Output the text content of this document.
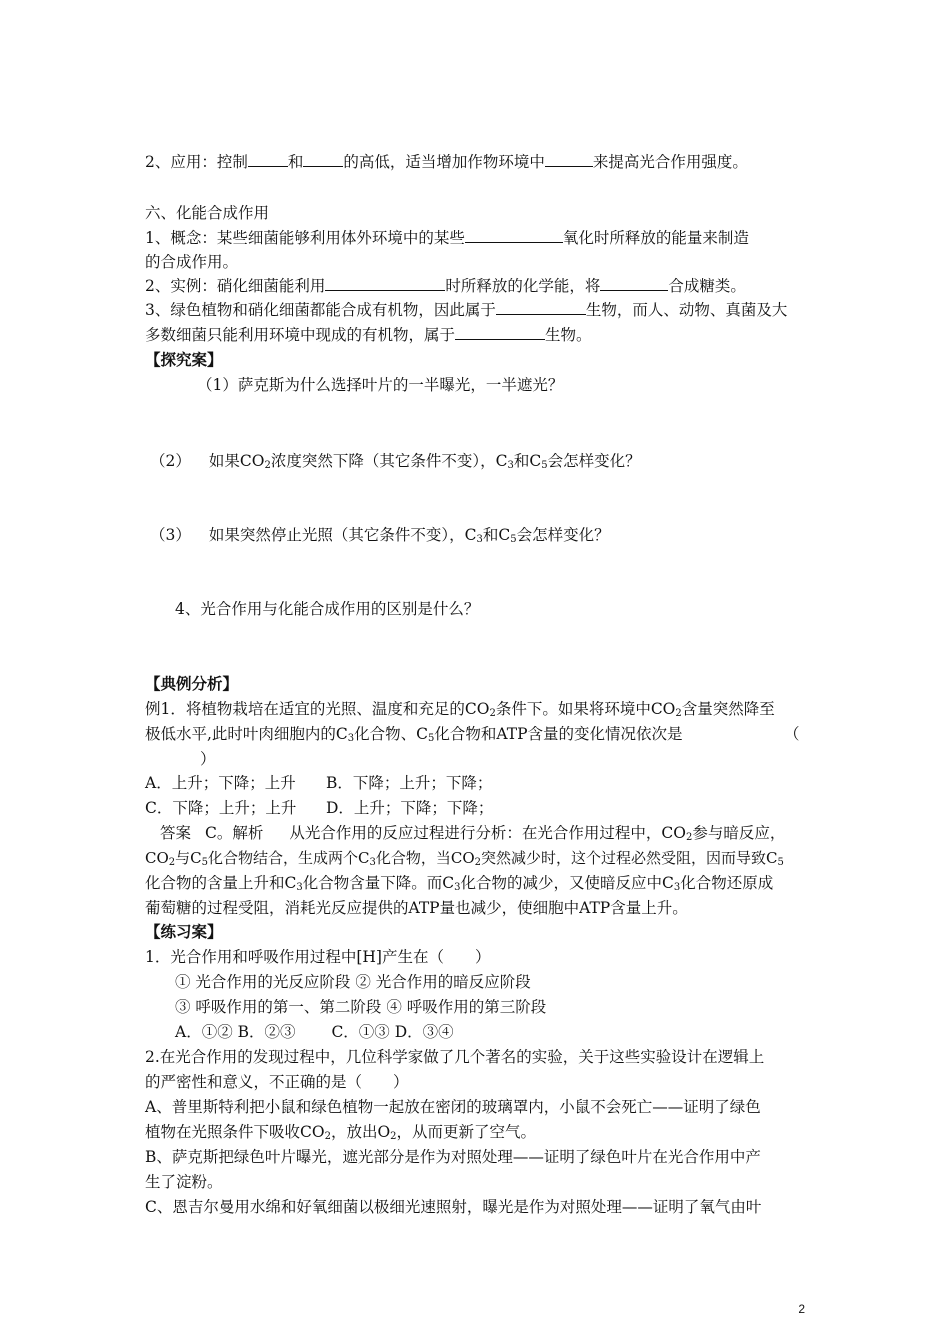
2、应用：控制	和	的高低，适当增加作物环境中	来提高光合作用强度。
六、化能合成作用
1、概念：某些细菌能够利用体外环境中的某些	氧化时所释放的能量来制造
的合成作用。
2、实例：硝化细菌能利用	时所释放的化学能，将	合成糖类。
3、绿色植物和硝化细菌都能合成有机物，因此属于	生物，而人、动物、真菌及大
多数细菌只能利用环境中现成的有机物，属于	生物。
【探究案】
（1）萨克斯为什么选择叶片的一半曝光，一半遮光？
（2） 如果$CO_2$浓度突然下降（其它条件不变），$C_3$和$C_5$会怎样变化？
（3） 如果突然停止光照（其它条件不变），$C_3$和$C_5$会怎样变化？
4、光合作用与化能合成作用的区别是什么？
【典例分析】
例1．将植物栽培在适宜的光照、温度和充足的$CO_2$条件下。如果将环境中$CO_2$含量突然降至
极低水平,此时叶肉细胞内的$C_3$化合物、$C_5$化合物和ATP含量的变化情况依次是	（
）
A．上升；下降；上升 B．下降；上升；下降；
C．下降；上升；上升 D．上升；下降；下降；
答案 C。解析 从光合作用的反应过程进行分析：在光合作用过程中，$CO_2$参与暗反应，
$CO_2$与$C_5$化合物结合，生成两个$C_3$化合物，当$CO_2$突然减少时，这个过程必然受阻，因而导致$C_5$
化合物的含量上升和$C_3$化合物含量下降。而$C_3$化合物的减少，又使暗反应中$C_3$化合物还原成
葡萄糖的过程受阻，消耗光反应提供的ATP量也减少，使细胞中ATP含量上升。
【练习案】
1．光合作用和呼吸作用过程中[H]产生在（　　）
① 光合作用的光反应阶段 ② 光合作用的暗反应阶段
③ 呼吸作用的第一、第二阶段 ④ 呼吸作用的第三阶段
A．①② B．②③　　 C．①③ D．③④
2.在光合作用的发现过程中，几位科学家做了几个著名的实验，关于这些实验设计在逻辑上
的严密性和意义，不正确的是（　　）
A、普里斯特利把小鼠和绿色植物一起放在密闭的玻璃罩内，小鼠不会死亡——证明了绿色
植物在光照条件下吸收$CO_2$，放出$O_2$，从而更新了空气。
B、萨克斯把绿色叶片曝光，遮光部分是作为对照处理——证明了绿色叶片在光合作用中产
生了淀粉。
C、恩吉尔曼用水绵和好氧细菌以极细光速照射，曝光是作为对照处理——证明了氧气由叶
2
